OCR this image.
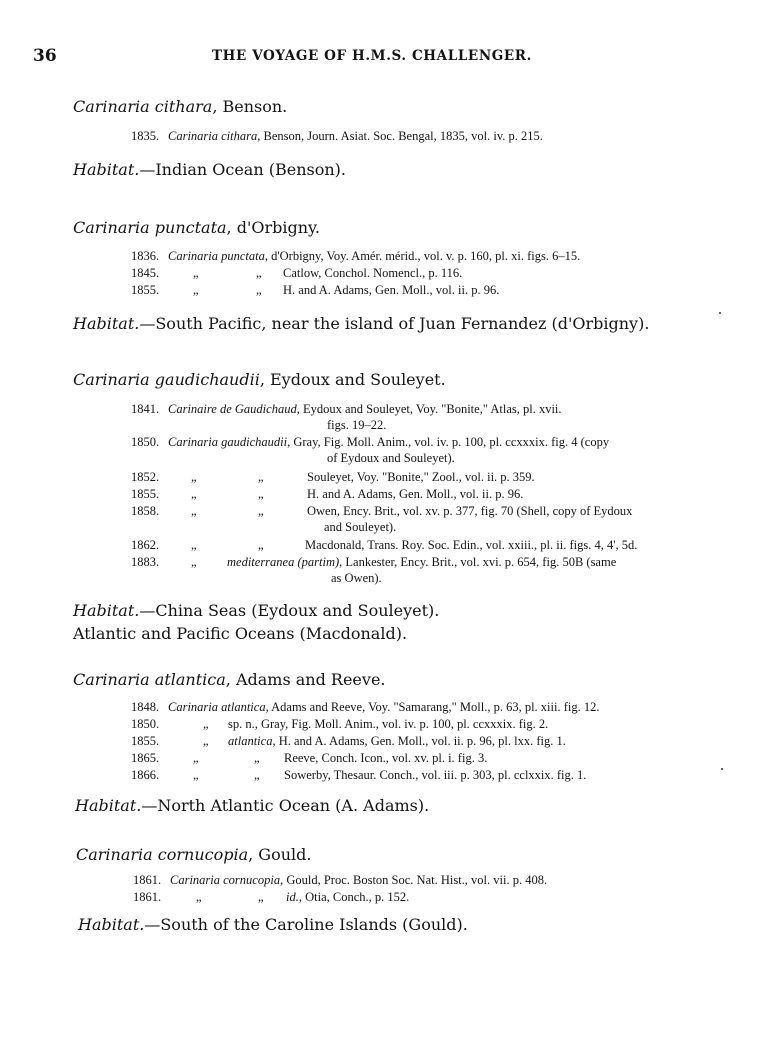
36	THE VOYAGE OF H.M.S. CHALLENGER.
Carinaria cithara, Benson.
1835. Carinaria cithara, Benson, Journ. Asiat. Soc. Bengal, 1835, vol. iv. p. 215.
Habitat.—Indian Ocean (Benson).
Carinaria punctata, d'Orbigny.
1836. Carinaria punctata, d'Orbigny, Voy. Amér. mérid., vol. v. p. 160, pl. xi. figs. 6–15.
1845.	„	„ Catlow, Conchol. Nomencl., p. 116.
1855.	„	„ H. and A. Adams, Gen. Moll., vol. ii. p. 96.
Habitat.—South Pacific, near the island of Juan Fernandez (d'Orbigny).
Carinaria gaudichaudii, Eydoux and Souleyet.
1841. Carinaire de Gaudichaud, Eydoux and Souleyet, Voy. "Bonite," Atlas, pl. xvii.
figs. 19–22.
1850. Carinaria gaudichaudii, Gray, Fig. Moll. Anim., vol. iv. p. 100, pl. ccxxxix. fig. 4 (copy
of Eydoux and Souleyet).
1852.	„	„	Souleyet, Voy. "Bonite," Zool., vol. ii. p. 359.
1855.	„	„	H. and A. Adams, Gen. Moll., vol. ii. p. 96.
1858.	„	„	Owen, Ency. Brit., vol. xv. p. 377, fig. 70 (Shell, copy of Eydoux
and Souleyet).
1862.	„	„	Macdonald, Trans. Roy. Soc. Edin., vol. xxiii., pl. ii. figs. 4, 4', 5d.
1883.	„ mediterranea (partim), Lankester, Ency. Brit., vol. xvi. p. 654, fig. 50B (same
as Owen).
Habitat.—China Seas (Eydoux and Souleyet).
Atlantic and Pacific Oceans (Macdonald).
Carinaria atlantica, Adams and Reeve.
1848. Carinaria atlantica, Adams and Reeve, Voy. "Samarang," Moll., p. 63, pl. xiii. fig. 12.
1850.	„ sp. n., Gray, Fig. Moll. Anim., vol. iv. p. 100, pl. ccxxxix. fig. 2.
1855.	„ atlantica, H. and A. Adams, Gen. Moll., vol. ii. p. 96, pl. lxx. fig. 1.
1865.	„	„ Reeve, Conch. Icon., vol. xv. pl. i. fig. 3.
1866.	„	„ Sowerby, Thesaur. Conch., vol. iii. p. 303, pl. cclxxix. fig. 1.
Habitat.—North Atlantic Ocean (A. Adams).
Carinaria cornucopia, Gould.
1861. Carinaria cornucopia, Gould, Proc. Boston Soc. Nat. Hist., vol. vii. p. 408.
1861.	„	„ id., Otia, Conch., p. 152.
Habitat.—South of the Caroline Islands (Gould).
